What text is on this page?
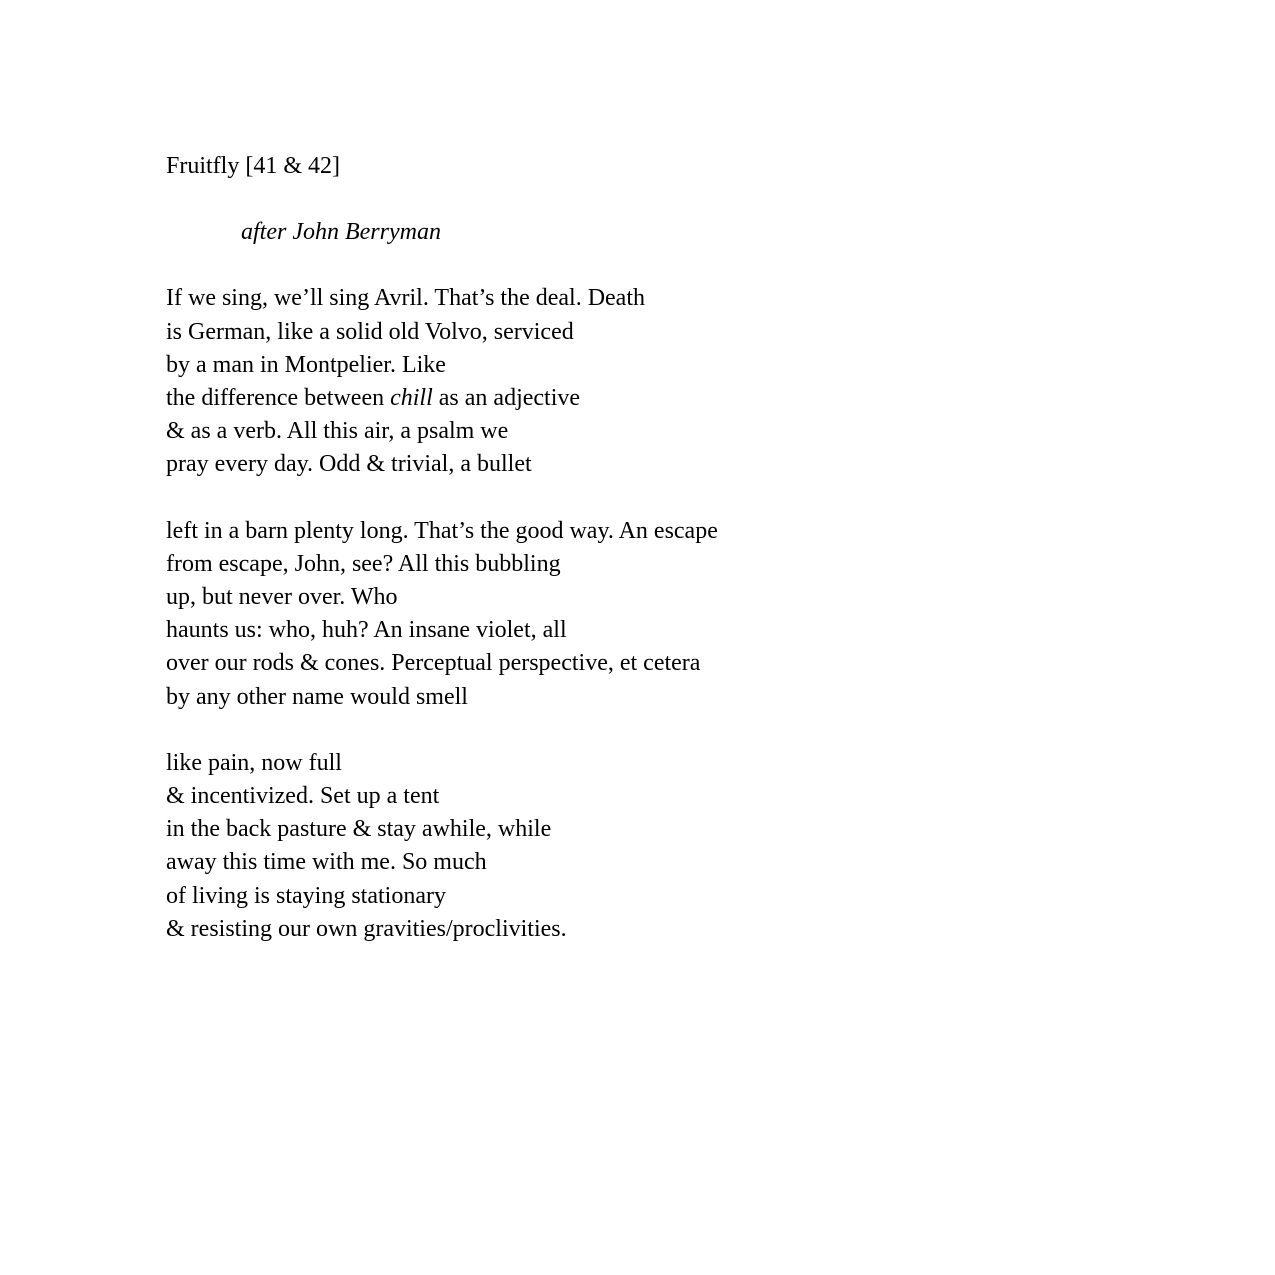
Fruitfly [41 & 42]
after John Berryman
If we sing, we’ll sing Avril. That’s the deal. Death
is German, like a solid old Volvo, serviced
by a man in Montpelier. Like
the difference between chill as an adjective
& as a verb. All this air, a psalm we
pray every day. Odd & trivial, a bullet
left in a barn plenty long. That’s the good way. An escape
from escape, John, see? All this bubbling
up, but never over. Who
haunts us: who, huh? An insane violet, all
over our rods & cones. Perceptual perspective, et cetera
by any other name would smell
like pain, now full
& incentivized. Set up a tent
in the back pasture & stay awhile, while
away this time with me. So much
of living is staying stationary
& resisting our own gravities/proclivities.
